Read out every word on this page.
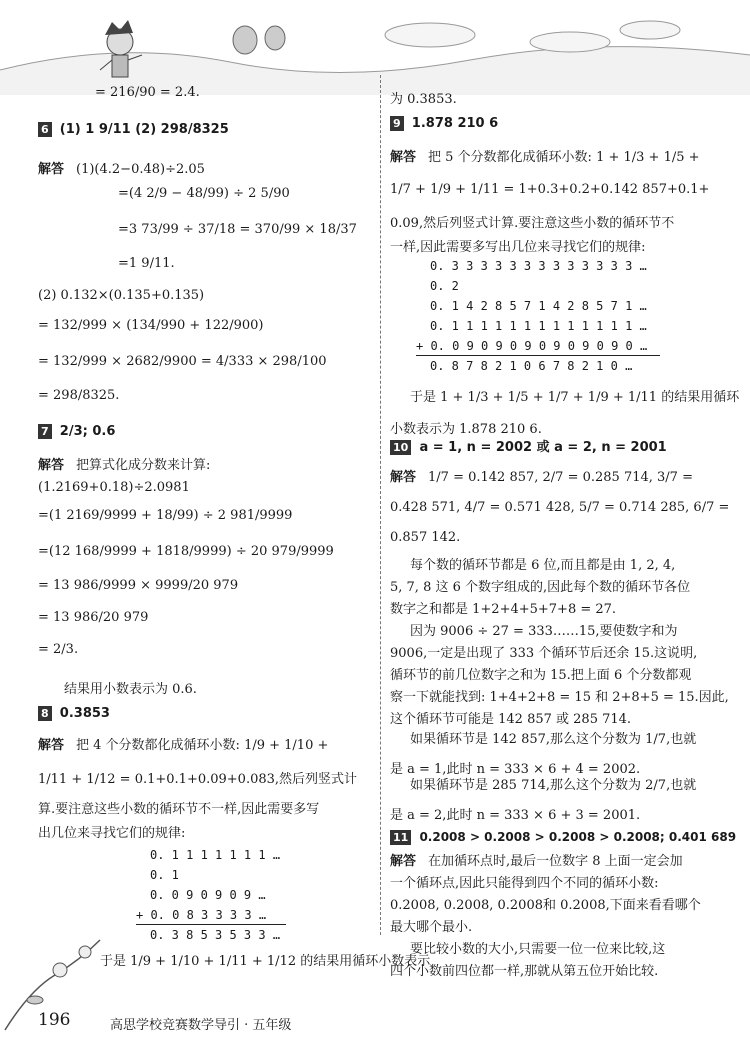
= 216/90 = 2.4.
6 (1) 1 9/11 (2) 298/8325
解答 (1)(4.2−0.48)÷2.05
=(4 2/9 − 48/99) ÷ 2 5/90
=3 73/99 ÷ 37/18 = 370/99 × 18/37
=1 9/11.
(2) 0.132×(0.135+0.135)
= 132/999 × (134/990 + 122/900)
= 132/999 × 2682/9900 = 4/333 × 298/100
= 298/8325.
7 2/3; 0.6
解答 把算式化成分数来计算:
(1.2169+0.18)÷2.0981
=(1 2169/9999 + 18/99) ÷ 2 981/9999
=(12 168/9999 + 1818/9999) ÷ 20 979/9999
= 13 986/9999 × 9999/20 979
= 13 986/20 979
= 2/3.
结果用小数表示为 0.6.
8 0.3853
解答 把 4 个分数都化成循环小数: 1/9 + 1/10 +
1/11 + 1/12 = 0.1+0.1+0.09+0.083,然后列竖式计
算.要注意这些小数的循环节不一样,因此需要多写
出几位来寻找它们的规律:
0. 1 1 1 1 1 1 1 …
0. 1
0. 0 9 0 9 0 9 …
+ 0. 0 8 3 3 3 3 …
0. 3 8 5 3 5 3 3 …
于是 1/9 + 1/10 + 1/11 + 1/12 的结果用循环小数表示
为 0.3853.
9 1.878 210 6
解答 把 5 个分数都化成循环小数: 1 + 1/3 + 1/5 +
1/7 + 1/9 + 1/11 = 1+0.3+0.2+0.142 857+0.1+
0.09,然后列竖式计算.要注意这些小数的循环节不
一样,因此需要多写出几位来寻找它们的规律:
0. 3 3 3 3 3 3 3 3 3 3 3 3 3 …
0. 2
0. 1 4 2 8 5 7 1 4 2 8 5 7 1 …
0. 1 1 1 1 1 1 1 1 1 1 1 1 1 …
+ 0. 0 9 0 9 0 9 0 9 0 9 0 9 0 …
0. 8 7 8 2 1 0 6 7 8 2 1 0 …
于是 1 + 1/3 + 1/5 + 1/7 + 1/9 + 1/11 的结果用循环
小数表示为 1.878 210 6.
10 a = 1, n = 2002 或 a = 2, n = 2001
解答 1/7 = 0.142 857, 2/7 = 0.285 714, 3/7 =
0.428 571, 4/7 = 0.571 428, 5/7 = 0.714 285, 6/7 =
0.857 142.
每个数的循环节都是 6 位,而且都是由 1, 2, 4,
5, 7, 8 这 6 个数字组成的,因此每个数的循环节各位
数字之和都是 1+2+4+5+7+8 = 27.
因为 9006 ÷ 27 = 333……15,要使数字和为
9006,一定是出现了 333 个循环节后还余 15.这说明,
循环节的前几位数字之和为 15.把上面 6 个分数都观
察一下就能找到: 1+4+2+8 = 15 和 2+8+5 = 15.因此,
这个循环节可能是 142 857 或 285 714.
如果循环节是 142 857,那么这个分数为 1/7,也就
是 a = 1,此时 n = 333 × 6 + 4 = 2002.
如果循环节是 285 714,那么这个分数为 2/7,也就
是 a = 2,此时 n = 333 × 6 + 3 = 2001.
11 0.2008 > 0.2008 > 0.2008 > 0.2008; 0.401 689
解答 在加循环点时,最后一位数字 8 上面一定会加
一个循环点,因此只能得到四个不同的循环小数:
0.2008, 0.2008, 0.2008和 0.2008,下面来看看哪个
最大哪个最小.
要比较小数的大小,只需要一位一位来比较,这
四个小数前四位都一样,那就从第五位开始比较.
196	高思学校竞赛数学导引 · 五年级
